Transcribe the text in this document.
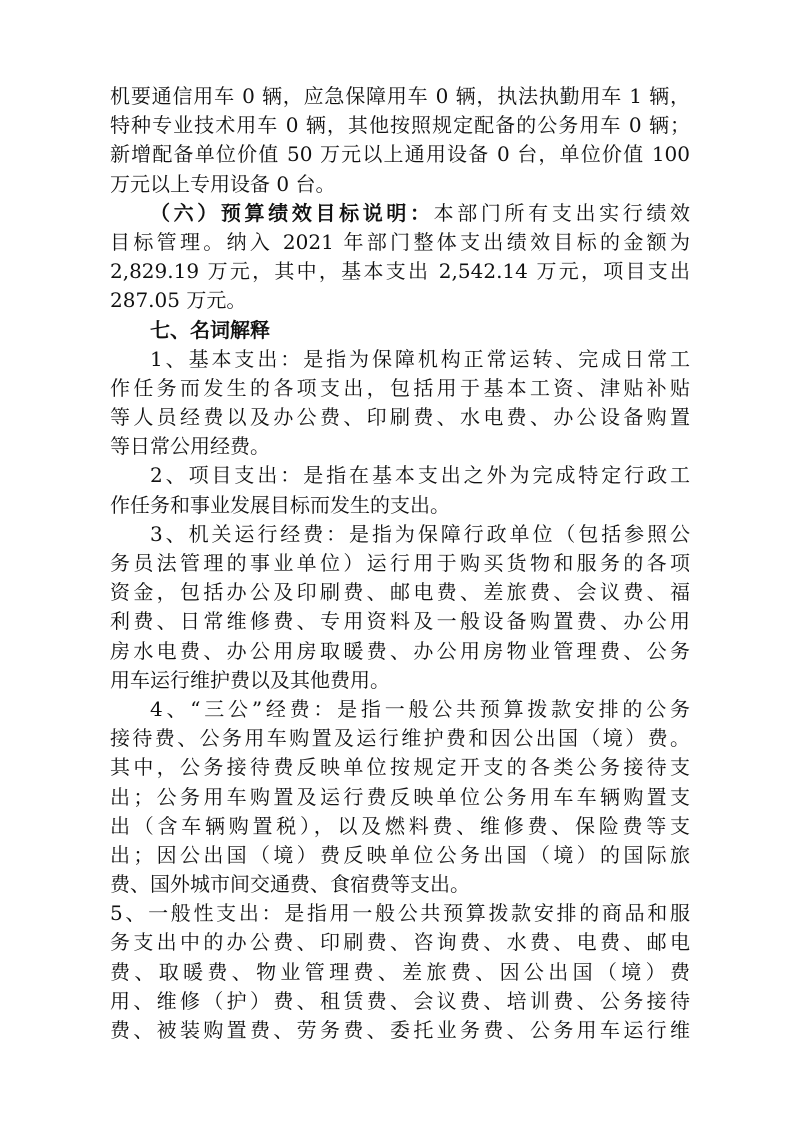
机要通信用车 0 辆，应急保障用车 0 辆，执法执勤用车 1 辆，
特种专业技术用车 0 辆，其他按照规定配备的公务用车 0 辆；
新增配备单位价值 50 万元以上通用设备 0 台，单位价值 100
万元以上专用设备 0 台。
（六）预算绩效目标说明：本部门所有支出实行绩效
目标管理。纳入 2021 年部门整体支出绩效目标的金额为
2,829.19 万元，其中，基本支出 2,542.14 万元，项目支出
287.05 万元。
七、名词解释
1、基本支出：是指为保障机构正常运转、完成日常工
作任务而发生的各项支出，包括用于基本工资、津贴补贴
等人员经费以及办公费、印刷费、水电费、办公设备购置
等日常公用经费。
2、项目支出：是指在基本支出之外为完成特定行政工
作任务和事业发展目标而发生的支出。
3、机关运行经费：是指为保障行政单位（包括参照公
务员法管理的事业单位）运行用于购买货物和服务的各项
资金，包括办公及印刷费、邮电费、差旅费、会议费、福
利费、日常维修费、专用资料及一般设备购置费、办公用
房水电费、办公用房取暖费、办公用房物业管理费、公务
用车运行维护费以及其他费用。
4、“三公”经费：是指一般公共预算拨款安排的公务
接待费、公务用车购置及运行维护费和因公出国（境）费。
其中，公务接待费反映单位按规定开支的各类公务接待支
出；公务用车购置及运行费反映单位公务用车车辆购置支
出（含车辆购置税），以及燃料费、维修费、保险费等支
出；因公出国（境）费反映单位公务出国（境）的国际旅
费、国外城市间交通费、食宿费等支出。
5、一般性支出：是指用一般公共预算拨款安排的商品和服
务支出中的办公费、印刷费、咨询费、水费、电费、邮电
费、取暖费、物业管理费、差旅费、因公出国（境）费
用、维修（护）费、租赁费、会议费、培训费、公务接待
费、被装购置费、劳务费、委托业务费、公务用车运行维
